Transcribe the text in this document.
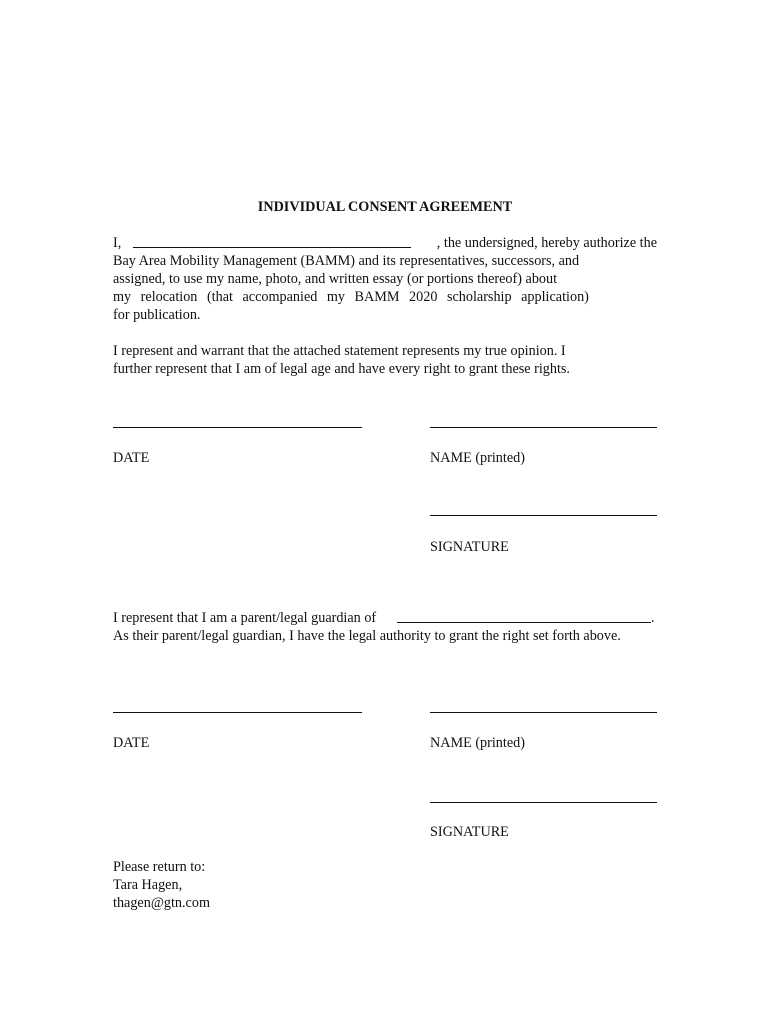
INDIVIDUAL CONSENT AGREEMENT
I,	, the undersigned, hereby authorize the
Bay Area Mobility Management (BAMM) and its representatives, successors, and
assigned, to use my name, photo, and written essay (or portions thereof) about
my relocation (that accompanied my BAMM 2020 scholarship application)
for publication.
I represent and warrant that the attached statement represents my true opinion. I
further represent that I am of legal age and have every right to grant these rights.
DATE	NAME (printed)
SIGNATURE
I represent that I am a parent/legal guardian of	.
As their parent/legal guardian, I have the legal authority to grant the right set forth above.
DATE	NAME (printed)
SIGNATURE
Please return to:
Tara Hagen,
thagen@gtn.com
